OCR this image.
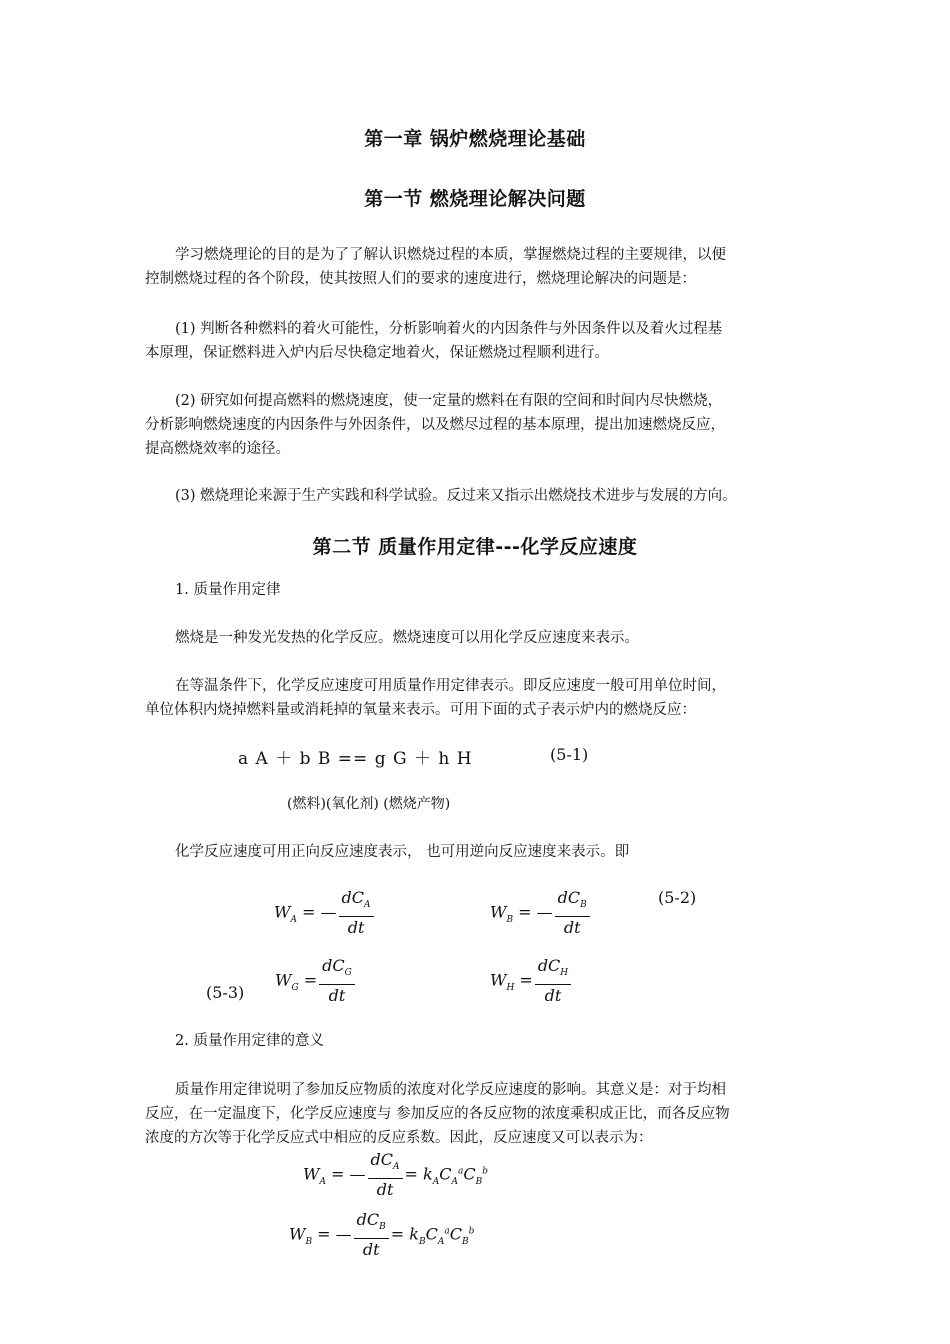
第一章 锅炉燃烧理论基础
第一节 燃烧理论解决问题
学习燃烧理论的目的是为了了解认识燃烧过程的本质，掌握燃烧过程的主要规律，以便
控制燃烧过程的各个阶段，使其按照人们的要求的速度进行，燃烧理论解决的问题是：
(1) 判断各种燃料的着火可能性，分析影响着火的内因条件与外因条件以及着火过程基
本原理，保证燃料进入炉内后尽快稳定地着火，保证燃烧过程顺利进行。
(2) 研究如何提高燃料的燃烧速度，使一定量的燃料在有限的空间和时间内尽快燃烧，
分析影响燃烧速度的内因条件与外因条件，以及燃尽过程的基本原理，提出加速燃烧反应，
提高燃烧效率的途径。
(3) 燃烧理论来源于生产实践和科学试验。反过来又指示出燃烧技术进步与发展的方向。
第二节 质量作用定律---化学反应速度
1. 质量作用定律
燃烧是一种发光发热的化学反应。燃烧速度可以用化学反应速度来表示。
在等温条件下，化学反应速度可用质量作用定律表示。即反应速度一般可用单位时间，
单位体积内烧掉燃料量或消耗掉的氧量来表示。可用下面的式子表示炉内的燃烧反应：
a A ＋ b B == g G ＋ h H	(5-1)
(燃料)(氧化剂) (燃烧产物)
化学反应速度可用正向反应速度表示， 也可用逆向反应速度来表示。即
$W_A$ = — $\frac{dC_A}{dt}$	$W_B$ = — $\frac{dC_B}{dt}$	(5-2)
(5-3)
$W_G = \frac{dC_G}{dt}$	$W_H = \frac{dC_H}{dt}$
2. 质量作用定律的意义
质量作用定律说明了参加反应物质的浓度对化学反应速度的影响。其意义是：对于均相
反应，在一定温度下，化学反应速度与 参加反应的各反应物的浓度乘积成正比，而各反应物
浓度的方次等于化学反应式中相应的反应系数。因此，反应速度又可以表示为：
$W_A$ = — $\frac{dC_A}{dt} = k_AC_A^aC_B^b$
$W_B$ = — $\frac{dC_B}{dt} = k_BC_A^aC_B^b$
